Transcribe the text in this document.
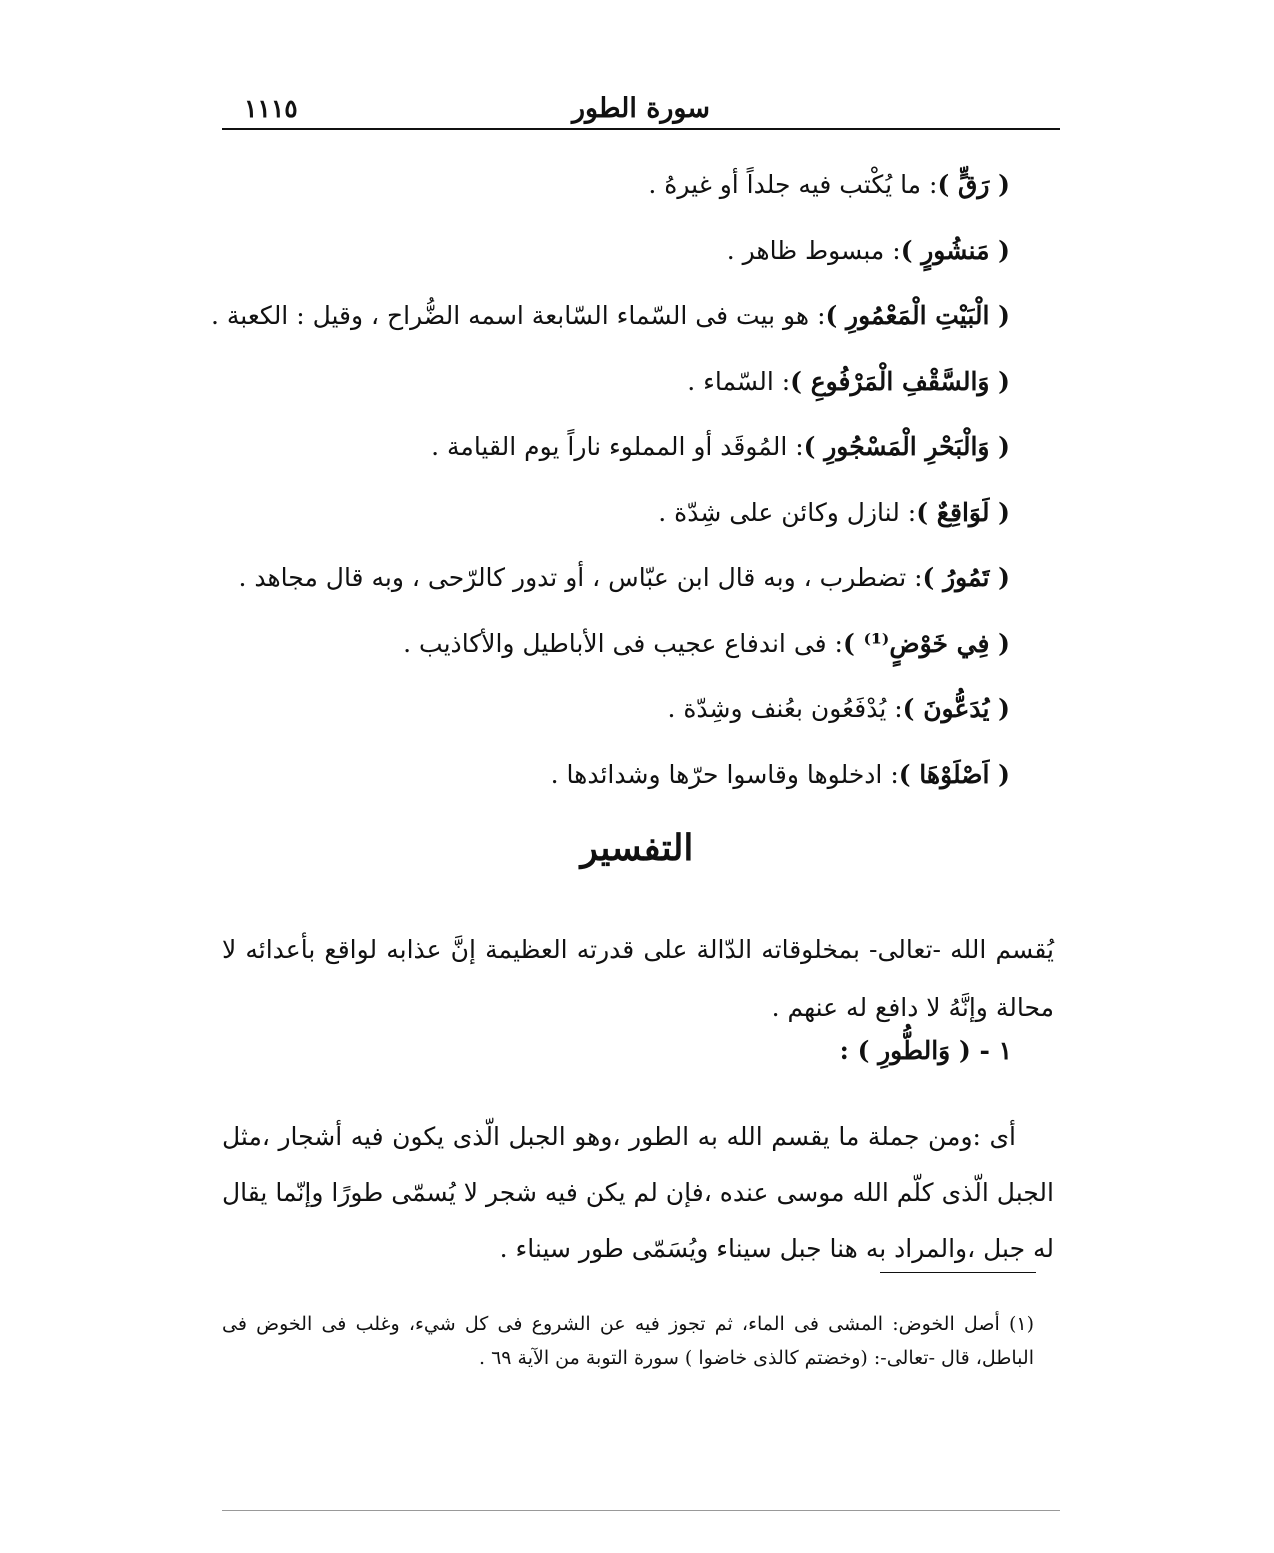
سورة الطور
١١١٥
( رَقٍّ ): ما يُكْتب فيه جلداً أو غيرهُ .
( مَنشُورٍ ): مبسوط ظاهر .
( الْبَيْتِ الْمَعْمُورِ ): هو بيت فى السّماء السّابعة اسمه الضُّراح ، وقيل : الكعبة .
( وَالسَّقْفِ الْمَرْفُوعِ ): السّماء .
( وَالْبَحْرِ الْمَسْجُورِ ): المُوقَد أو المملوء ناراً يوم القيامة .
( لَوَاقِعٌ ): لنازل وكائن على شِدّة .
( تَمُورُ ): تضطرب ، وبه قال ابن عبّاس ، أو تدور كالرّحى ، وبه قال مجاهد .
( فِي خَوْضٍ⁽¹⁾ ): فى اندفاع عجيب فى الأباطيل والأكاذيب .
( يُدَعُّونَ ): يُدْفَعُون بعُنف وشِدّة .
( اَصْلَوْهَا ): ادخلوها وقاسوا حرّها وشدائدها .
التفسير

يُقسم الله -تعالى- بمخلوقاته الدّالة على قدرته العظيمة إنَّ عذابه لواقع بأعدائه لا محالة وإنَّهُ لا دافع له عنهم .

١ - ( وَالطُّورِ ) :

أى :ومن جملة ما يقسم الله به الطور ،وهو الجبل الّذى يكون فيه أشجار ،مثل الجبل الّذى كلّم الله موسى عنده ،فإن لم يكن فيه شجر لا يُسمّى طورًا وإنّما يقال له جبل ،والمراد به هنا جبل سيناء ويُسَمّى طور سيناء .

(١) أصل الخوض: المشى فى الماء، ثم تجوز فيه عن الشروع فى كل شيء، وغلب فى الخوض فى الباطل، قال -تعالى-: (وخضتم كالذى خاضوا ) سورة التوبة من الآية ٦٩ .
